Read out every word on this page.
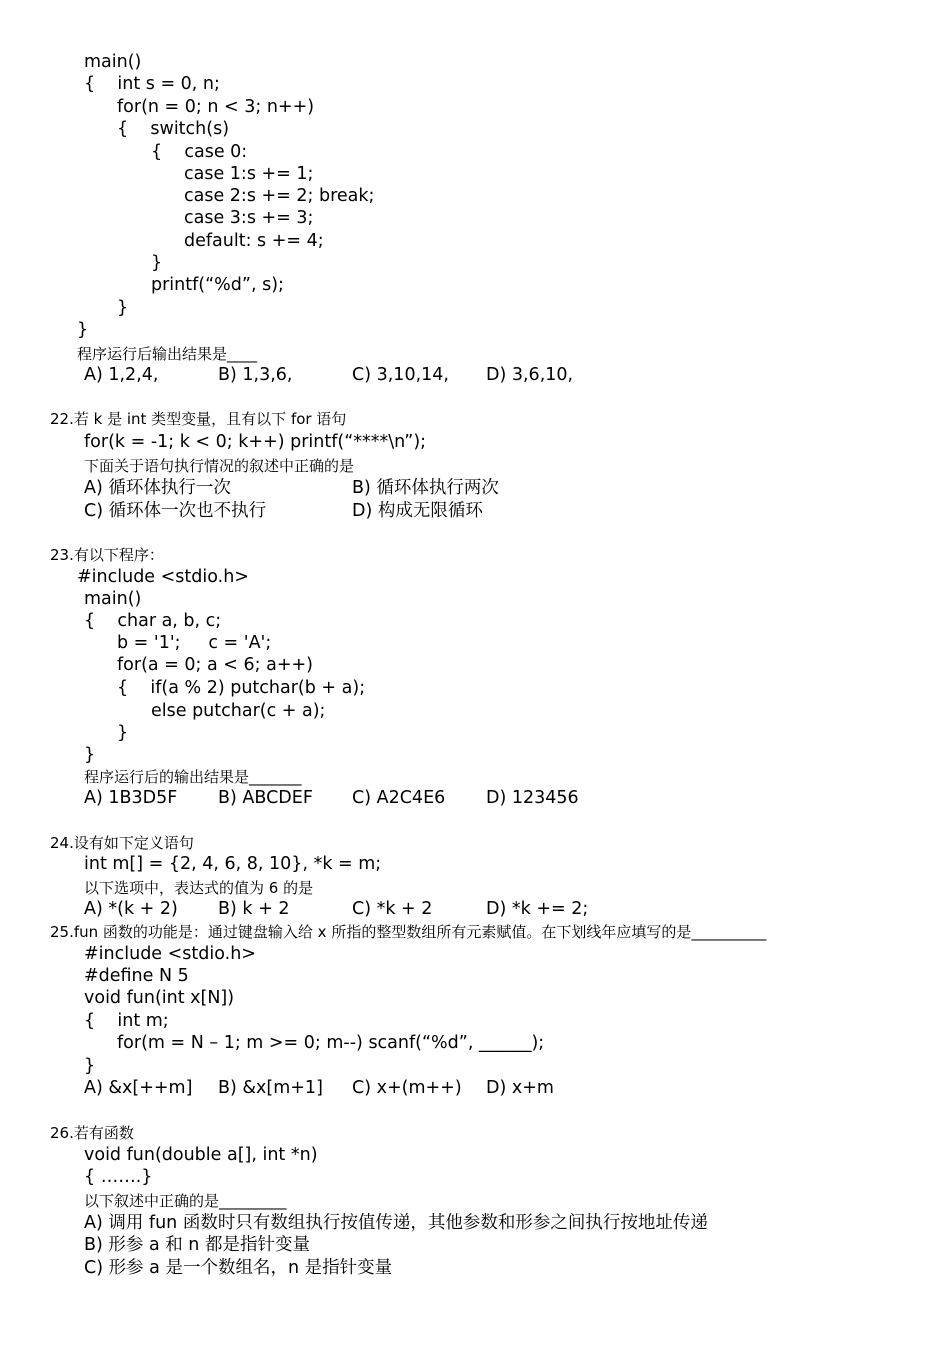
main()
{    int s = 0, n;
for(n = 0; n < 3; n++)
{    switch(s)
{    case 0:
case 1:s += 1;
case 2:s += 2; break;
case 3:s += 3;
default: s += 4;
}
printf(“%d”, s);
}
}
程序运行后输出结果是____
A) 1,2,4,	B) 1,3,6,	C) 3,10,14, D) 3,6,10,
22.若 k 是 int 类型变量，且有以下 for 语句
for(k = -1; k < 0; k++) printf(“****\n”);
下面关于语句执行情况的叙述中正确的是
A) 循环体执行一次	B) 循环体执行两次
C) 循环体一次也不执行	D) 构成无限循环
23.有以下程序：
#include <stdio.h>
main()
{    char a, b, c;
b = '1';     c = 'A';
for(a = 0; a < 6; a++)
{    if(a % 2) putchar(b + a);
else putchar(c + a);
}
}
程序运行后的输出结果是_______
A) 1B3D5F B) ABCDEF C) A2C4E6 D) 123456
24.设有如下定义语句
int m[] = {2, 4, 6, 8, 10}, *k = m;
以下选项中，表达式的值为 6 的是
A) *(k + 2) B) k + 2	C) *k + 2	D) *k += 2;
25.fun 函数的功能是：通过键盘输入给 x 所指的整型数组所有元素赋值。在下划线年应填写的是__________
#include <stdio.h>
#define N 5
void fun(int x[N])
{    int m;
for(m = N – 1; m >= 0; m--) scanf(“%d”, ______);
}
A) &x[++m] B) &x[m+1] C) x+(m++) D) x+m
26.若有函数
void fun(double a[], int *n)
{ …….}
以下叙述中正确的是_________
A) 调用 fun 函数时只有数组执行按值传递，其他参数和形参之间执行按地址传递
B) 形参 a 和 n 都是指针变量
C) 形参 a 是一个数组名，n 是指针变量
